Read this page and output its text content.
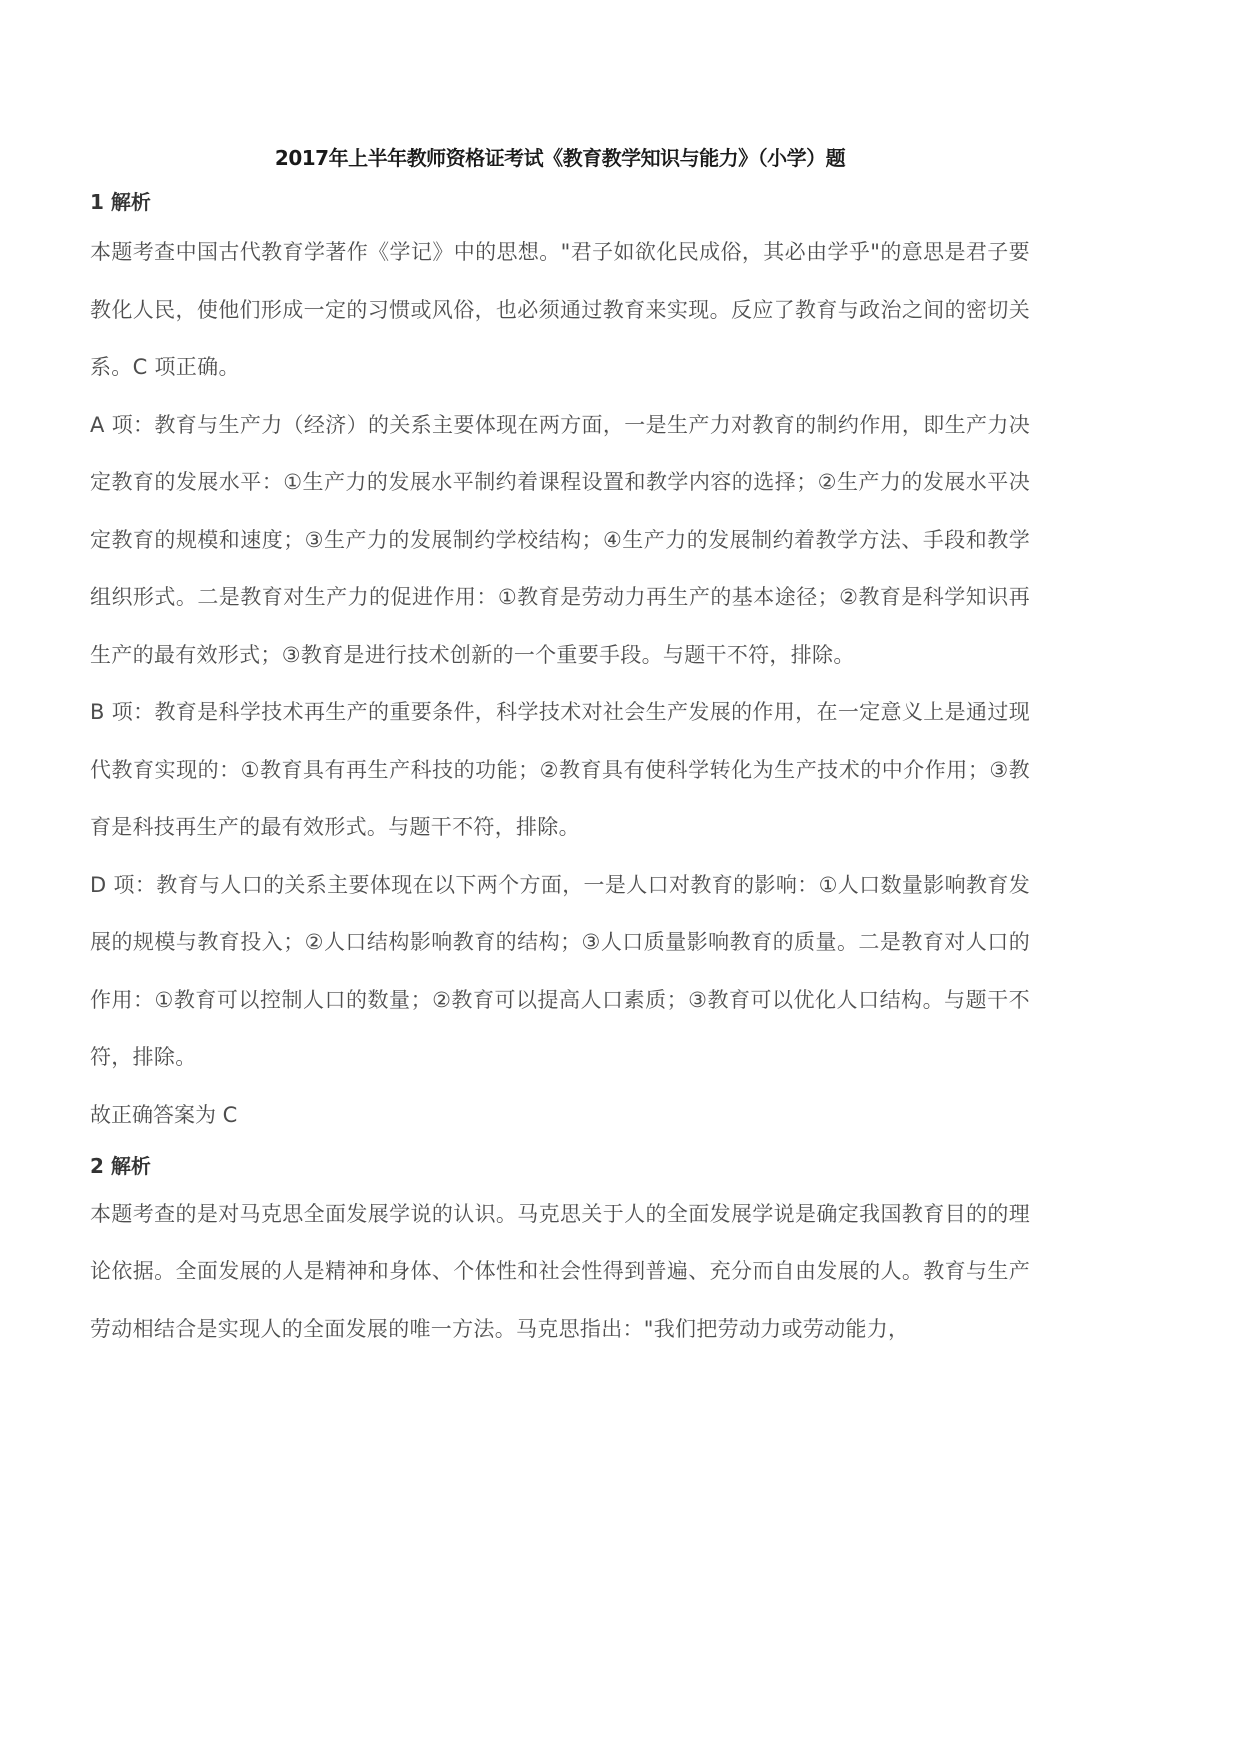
2017年上半年教师资格证考试《教育教学知识与能力》（小学）题
1 解析

本题考查中国古代教育学著作《学记》中的思想。"君子如欲化民成俗，其必由学乎"的意思是君子要教化人民，使他们形成一定的习惯或风俗，也必须通过教育来实现。反应了教育与政治之间的密切关系。C 项正确。

A 项：教育与生产力（经济）的关系主要体现在两方面，一是生产力对教育的制约作用，即生产力决定教育的发展水平：①生产力的发展水平制约着课程设置和教学内容的选择；②生产力的发展水平决定教育的规模和速度；③生产力的发展制约学校结构；④生产力的发展制约着教学方法、手段和教学组织形式。二是教育对生产力的促进作用：①教育是劳动力再生产的基本途径；②教育是科学知识再生产的最有效形式；③教育是进行技术创新的一个重要手段。与题干不符，排除。

B 项：教育是科学技术再生产的重要条件，科学技术对社会生产发展的作用，在一定意义上是通过现代教育实现的：①教育具有再生产科技的功能；②教育具有使科学转化为生产技术的中介作用；③教育是科技再生产的最有效形式。与题干不符，排除。

D 项：教育与人口的关系主要体现在以下两个方面，一是人口对教育的影响：①人口数量影响教育发展的规模与教育投入；②人口结构影响教育的结构；③人口质量影响教育的质量。二是教育对人口的作用：①教育可以控制人口的数量；②教育可以提高人口素质；③教育可以优化人口结构。与题干不符，排除。

故正确答案为 C

2 解析

本题考查的是对马克思全面发展学说的认识。马克思关于人的全面发展学说是确定我国教育目的的理论依据。全面发展的人是精神和身体、个体性和社会性得到普遍、充分而自由发展的人。教育与生产劳动相结合是实现人的全面发展的唯一方法。马克思指出："我们把劳动力或劳动能力，
